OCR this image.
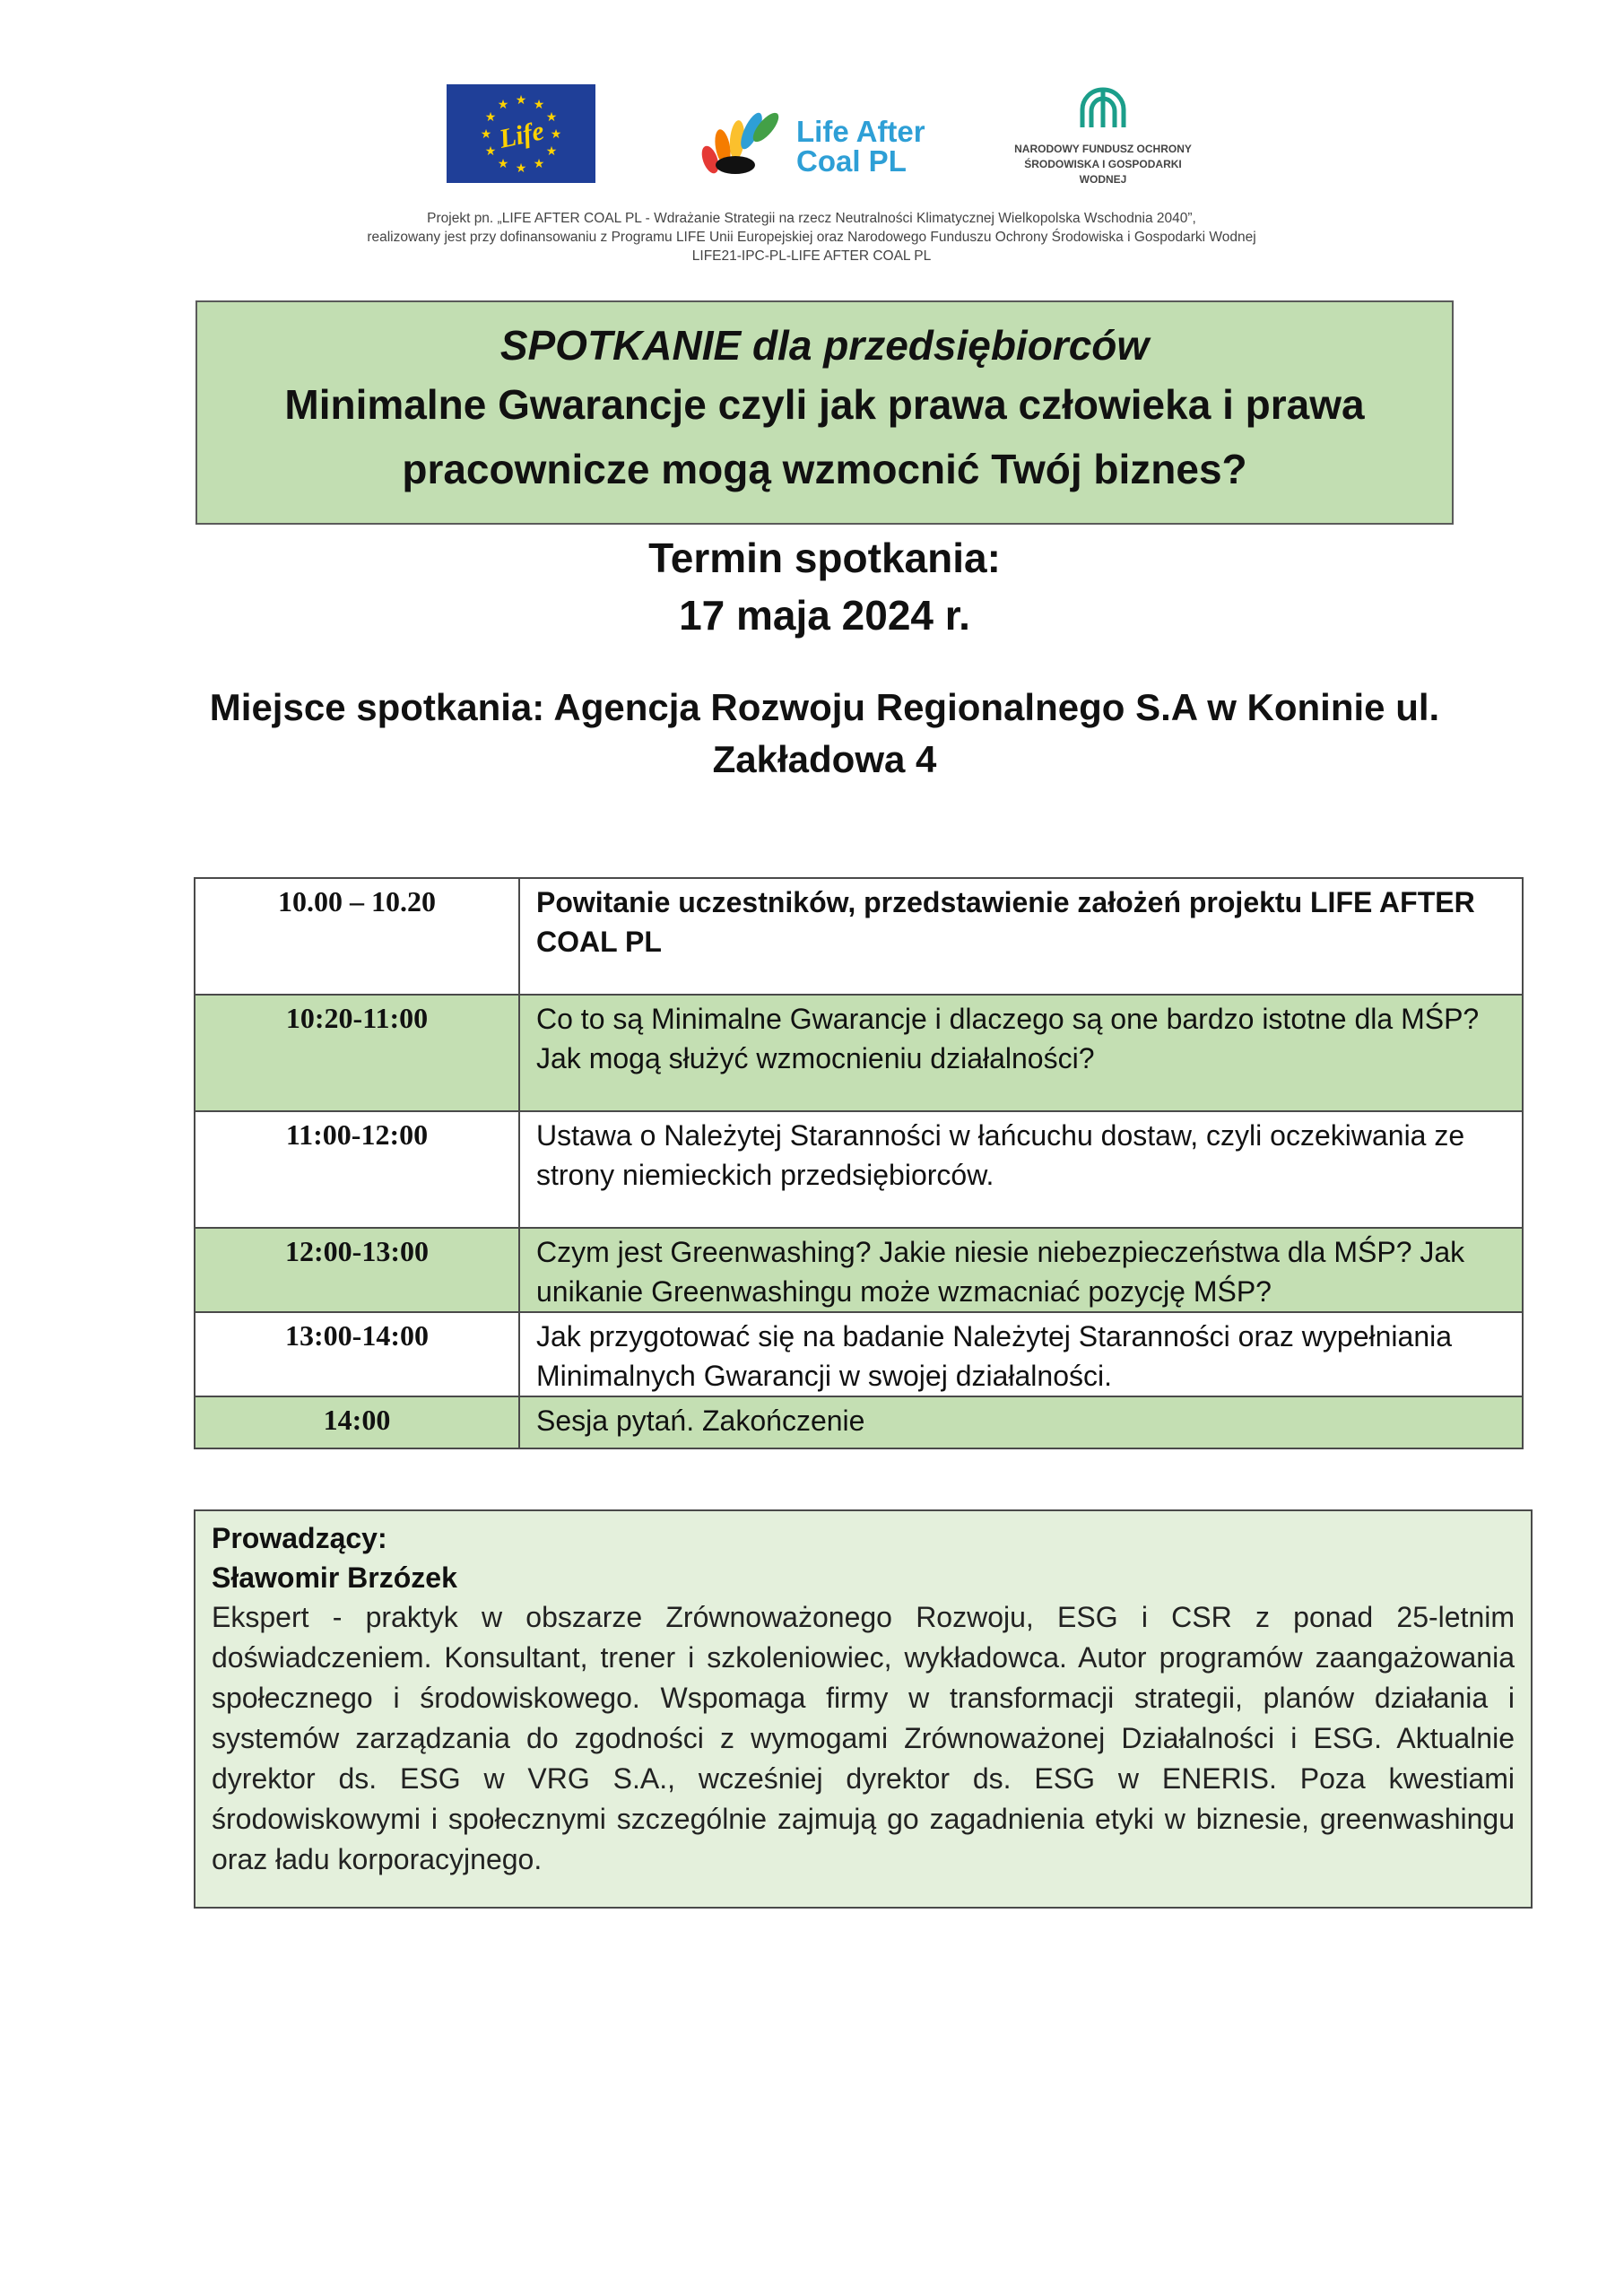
★ ★
★
★
★
★
★
★
★
★
★
★
Life	Life After Coal PL	NARODOWY FUNDUSZ OCHRONY ŚRODOWISKA I GOSPODARKI WODNEJ
Projekt pn. „LIFE AFTER COAL PL - Wdrażanie Strategii na rzecz Neutralności Klimatycznej Wielkopolska Wschodnia 2040”,
realizowany jest przy dofinansowaniu z Programu LIFE Unii Europejskiej oraz Narodowego Funduszu Ochrony Środowiska i Gospodarki Wodnej
LIFE21-IPC-PL-LIFE AFTER COAL PL
SPOTKANIE dla przedsiębiorców
Minimalne Gwarancje czyli jak prawa człowieka i prawa
pracownicze mogą wzmocnić Twój biznes?
Termin spotkania:
17 maja 2024 r.
Miejsce spotkania: Agencja Rozwoju Regionalnego S.A w Koninie ul.
Zakładowa 4
10.00 – 10.20	Powitanie uczestników, przedstawienie założeń projektu LIFE AFTER COAL PL
10:20-11:00	Co to są Minimalne Gwarancje i dlaczego są one bardzo istotne dla MŚP? Jak mogą służyć wzmocnieniu działalności?
11:00-12:00	Ustawa o Należytej Staranności w łańcuchu dostaw, czyli oczekiwania ze strony niemieckich przedsiębiorców.
12:00-13:00	Czym jest Greenwashing? Jakie niesie niebezpieczeństwa dla MŚP? Jak unikanie Greenwashingu może wzmacniać pozycję MŚP?
13:00-14:00	Jak przygotować się na badanie Należytej Staranności oraz wypełniania Minimalnych Gwarancji w swojej działalności.
14:00	Sesja pytań. Zakończenie
Prowadzący:
Sławomir Brzózek
Ekspert - praktyk w obszarze Zrównoważonego Rozwoju, ESG i CSR z ponad 25-letnim doświadczeniem. Konsultant, trener i szkoleniowiec, wykładowca. Autor programów zaangażowania społecznego i środowiskowego. Wspomaga firmy w transformacji strategii, planów działania i systemów zarządzania do zgodności z wymogami Zrównoważonej Działalności i ESG. Aktualnie dyrektor ds. ESG w VRG S.A., wcześniej dyrektor ds. ESG w ENERIS. Poza kwestiami środowiskowymi i społecznymi szczególnie zajmują go zagadnienia etyki w biznesie, greenwashingu oraz ładu korporacyjnego.
